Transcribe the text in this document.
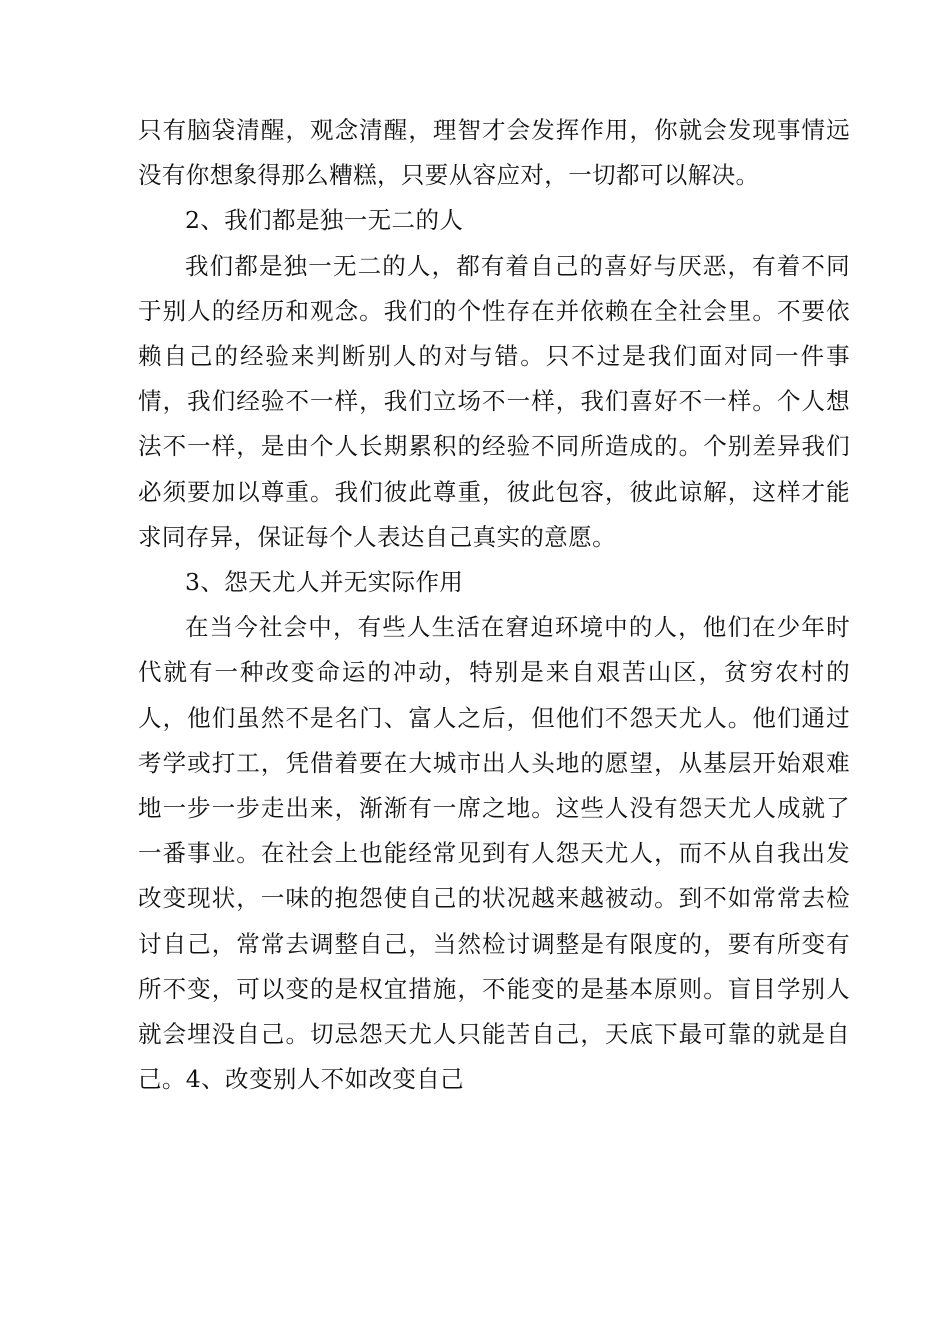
只有脑袋清醒，观念清醒，理智才会发挥作用，你就会发现事情远没有你想象得那么糟糕，只要从容应对，一切都可以解决。

2、我们都是独一无二的人

我们都是独一无二的人，都有着自己的喜好与厌恶，有着不同于别人的经历和观念。我们的个性存在并依赖在全社会里。不要依赖自己的经验来判断别人的对与错。只不过是我们面对同一件事情，我们经验不一样，我们立场不一样，我们喜好不一样。个人想法不一样，是由个人长期累积的经验不同所造成的。个别差异我们必须要加以尊重。我们彼此尊重，彼此包容，彼此谅解，这样才能求同存异，保证每个人表达自己真实的意愿。

3、怨天尤人并无实际作用

在当今社会中，有些人生活在窘迫环境中的人，他们在少年时代就有一种改变命运的冲动，特别是来自艰苦山区，贫穷农村的人，他们虽然不是名门、富人之后，但他们不怨天尤人。他们通过考学或打工，凭借着要在大城市出人头地的愿望，从基层开始艰难地一步一步走出来，渐渐有一席之地。这些人没有怨天尤人成就了一番事业。在社会上也能经常见到有人怨天尤人，而不从自我出发改变现状，一味的抱怨使自己的状况越来越被动。到不如常常去检讨自己，常常去调整自己，当然检讨调整是有限度的，要有所变有所不变，可以变的是权宜措施，不能变的是基本原则。盲目学别人就会埋没自己。切忌怨天尤人只能苦自己，天底下最可靠的就是自己。4、改变别人不如改变自己
